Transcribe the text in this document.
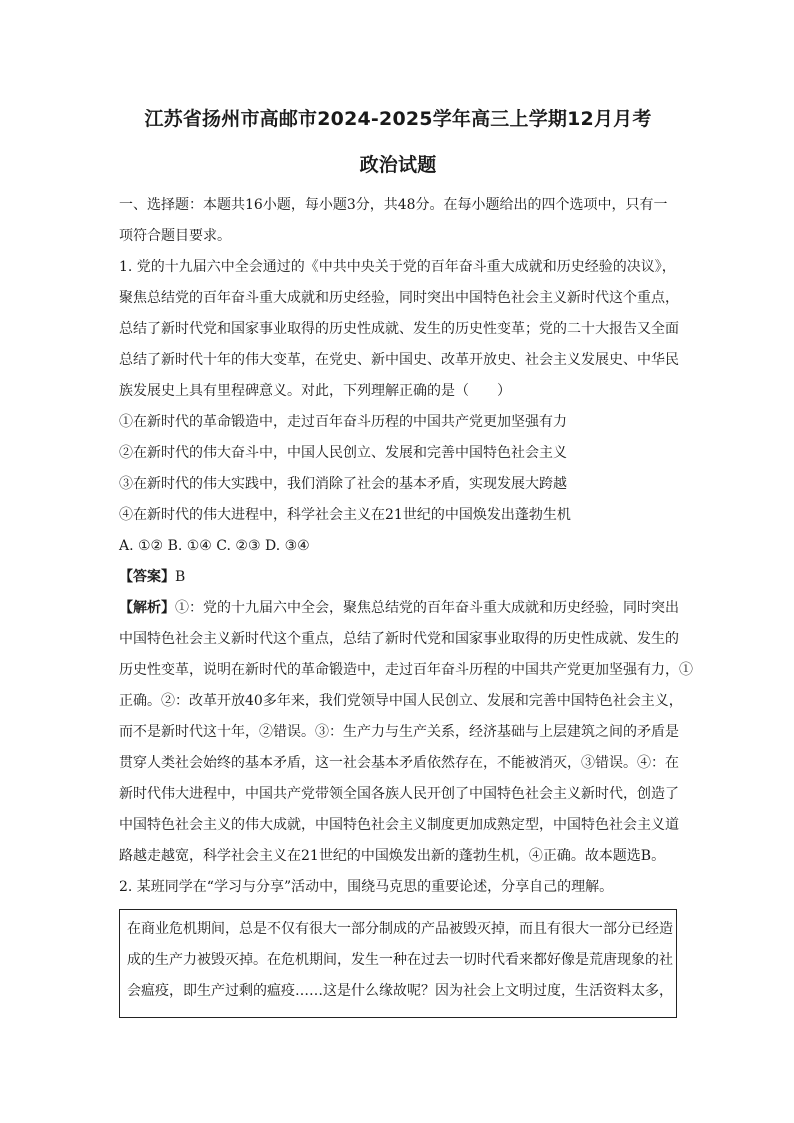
江苏省扬州市高邮市2024-2025学年高三上学期12月月考
政治试题

一、选择题：本题共16小题，每小题3分，共48分。在每小题给出的四个选项中，只有一

项符合题目要求。

1. 党的十九届六中全会通过的《中共中央关于党的百年奋斗重大成就和历史经验的决议》，

聚焦总结党的百年奋斗重大成就和历史经验，同时突出中国特色社会主义新时代这个重点，

总结了新时代党和国家事业取得的历史性成就、发生的历史性变革；党的二十大报告又全面

总结了新时代十年的伟大变革，在党史、新中国史、改革开放史、社会主义发展史、中华民

族发展史上具有里程碑意义。对此，下列理解正确的是（　　）

①在新时代的革命锻造中，走过百年奋斗历程的中国共产党更加坚强有力

②在新时代的伟大奋斗中，中国人民创立、发展和完善中国特色社会主义

③在新时代的伟大实践中，我们消除了社会的基本矛盾，实现发展大跨越

④在新时代的伟大进程中，科学社会主义在21世纪的中国焕发出蓬勃生机

A. ①② B. ①④ C. ②③ D. ③④

【答案】B

【解析】①：党的十九届六中全会，聚焦总结党的百年奋斗重大成就和历史经验，同时突出

中国特色社会主义新时代这个重点，总结了新时代党和国家事业取得的历史性成就、发生的

历史性变革，说明在新时代的革命锻造中，走过百年奋斗历程的中国共产党更加坚强有力，①

正确。②：改革开放40多年来，我们党领导中国人民创立、发展和完善中国特色社会主义，

而不是新时代这十年，②错误。③：生产力与生产关系，经济基础与上层建筑之间的矛盾是

贯穿人类社会始终的基本矛盾，这一社会基本矛盾依然存在，不能被消灭，③错误。④：在

新时代伟大进程中，中国共产党带领全国各族人民开创了中国特色社会主义新时代，创造了

中国特色社会主义的伟大成就，中国特色社会主义制度更加成熟定型，中国特色社会主义道

路越走越宽，科学社会主义在21世纪的中国焕发出新的蓬勃生机，④正确。故本题选B。

2. 某班同学在“学习与分享”活动中，围绕马克思的重要论述，分享自己的理解。

在商业危机期间，总是不仅有很大一部分制成的产品被毁灭掉，而且有很大一部分已经造

成的生产力被毁灭掉。在危机期间，发生一种在过去一切时代看来都好像是荒唐现象的社

会瘟疫，即生产过剩的瘟疫……这是什么缘故呢？因为社会上文明过度，生活资料太多，
